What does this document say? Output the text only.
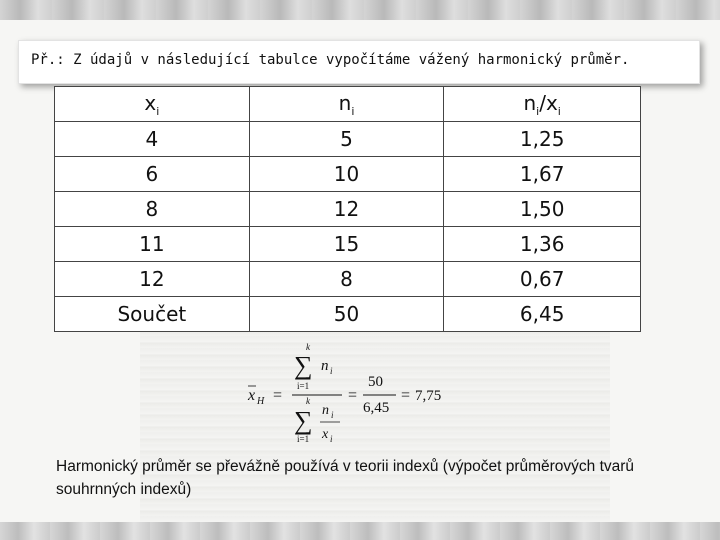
Př.: Z údajů v následující tabulce vypočítáme vážený harmonický průměr.
$x_i$	$n_i$	$n_i/x_i$
4	5	1,25
6	10	1,67
8	12	1,50
11	15	1,36
12	8	0,67
Součet	50	6,45
x H =
k
∑ n i
i=1
k
∑ n i
x i
i=1
=
50
6,45
= 7,75
Harmonický průměr se převážně používá v teorii indexů (výpočet průměrových tvarů souhrnných indexů)
